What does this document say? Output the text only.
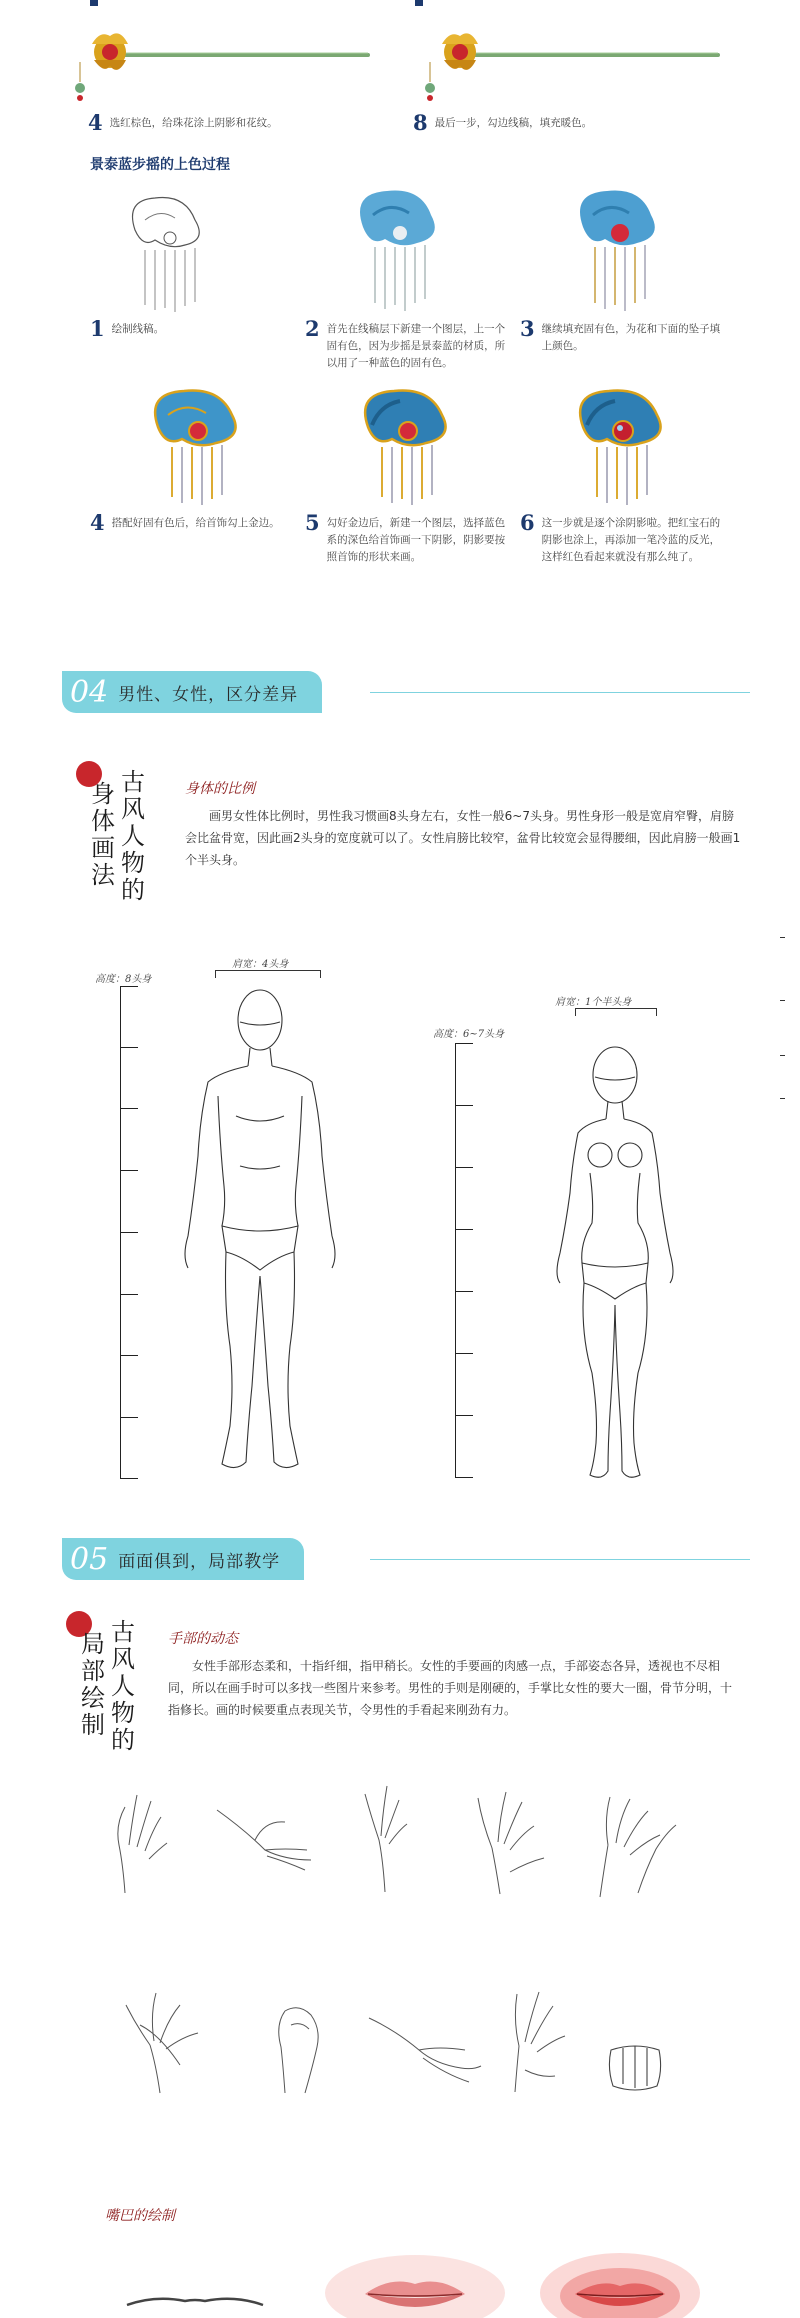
4 选红棕色，给珠花涂上阴影和花纹。	8 最后一步，勾边线稿，填充暖色。
景泰蓝步摇的上色过程
1 绘制线稿。	2 首先在线稿层下新建一个图层，上一个固有色，因为步摇是景泰蓝的材质，所以用了一种蓝色的固有色。
3 继续填充固有色，为花和下面的坠子填上颜色。
4 搭配好固有色后，给首饰勾上金边。 5 勾好金边后，新建一个图层，选择蓝色系的深色给首饰画一下阴影，阴影要按照首饰的形状来画。
6 这一步就是逐个涂阴影啦。把红宝石的阴影也涂上，再添加一笔冷蓝的反光，这样红色看起来就没有那么纯了。
04 男性、女性，区分差异
古
风
人
物
的
身
体
画
法
身体的比例
画男女性体比例时，男性我习惯画8头身左右，女性一般6~7头身。男性身形一般是宽肩窄臀，肩膀会比盆骨宽，因此画2头身的宽度就可以了。女性肩膀比较窄，盆骨比较宽会显得腰细，因此肩膀一般画1个半头身。
高度：8头身
肩宽：4头身
高度：6~7头身
肩宽：1个半头身
05 面面俱到，局部教学
古
风
人
物
的
局
部
绘
制
手部的动态
女性手部形态柔和，十指纤细，指甲稍长。女性的手要画的肉感一点，手部姿态各异，透视也不尽相同，所以在画手时可以多找一些图片来参考。男性的手则是刚硬的，手掌比女性的要大一圈，骨节分明，十指修长。画的时候要重点表现关节，令男性的手看起来刚劲有力。
嘴巴的绘制
